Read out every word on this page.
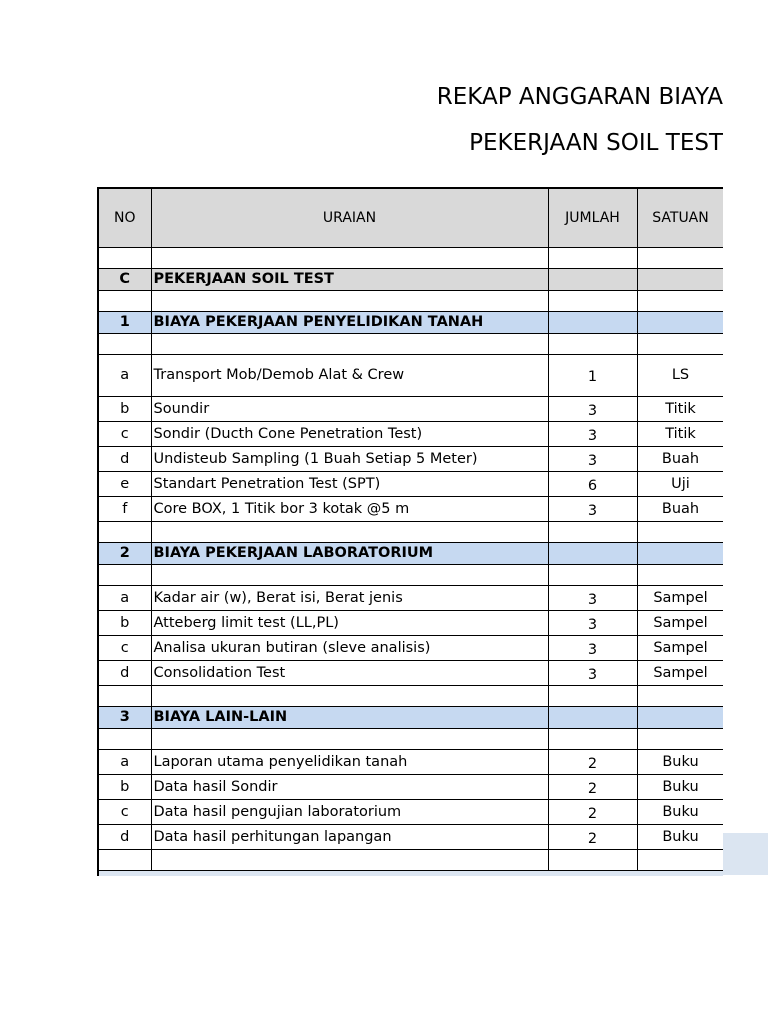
REKAP ANGGARAN BIAYA
PEKERJAAN SOIL TEST
NO	URAIAN	JUMLAH	SATUAN	

C	PEKERJAAN SOIL TEST			

1	BIAYA PEKERJAAN PENYELIDIKAN TANAH			

a	Transport Mob/Demob Alat & Crew	1	LS	
b	Soundir	3	Titik	
c	Sondir (Ducth Cone Penetration Test)	3	Titik	
d	Undisteub Sampling (1 Buah Setiap 5 Meter)	3	Buah	
e	Standart Penetration Test (SPT)	6	Uji	
f	Core BOX, 1 Titik bor 3 kotak @5 m	3	Buah	

2	BIAYA PEKERJAAN LABORATORIUM			

a	Kadar air (w), Berat isi, Berat jenis	3	Sampel	
b	Atteberg limit test (LL,PL)	3	Sampel	
c	Analisa ukuran butiran (sleve analisis)	3	Sampel	
d	Consolidation Test	3	Sampel	

3	BIAYA LAIN-LAIN			

a	Laporan utama penyelidikan tanah	2	Buku	
b	Data hasil Sondir	2	Buku	
c	Data hasil pengujian laboratorium	2	Buku	
d	Data hasil perhitungan lapangan	2	Buku	
